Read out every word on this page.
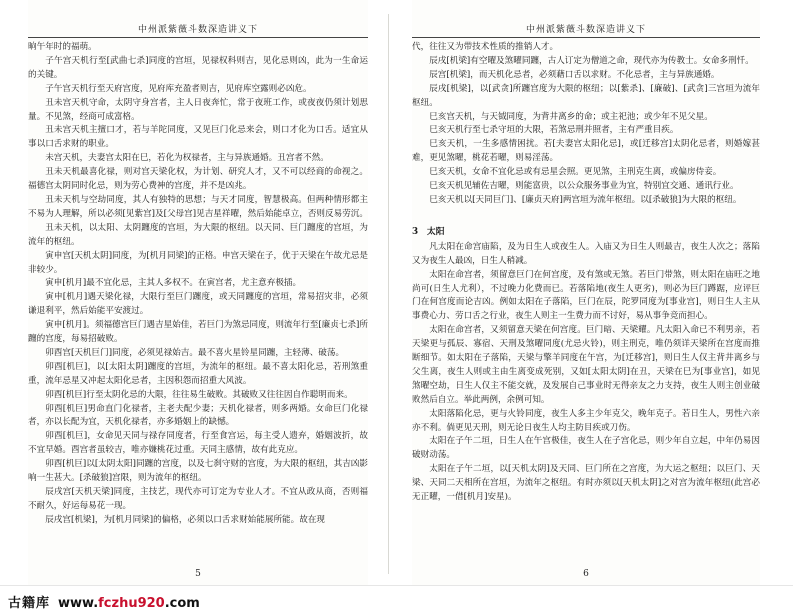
中州派紫薇斗数深造讲义下

晌午年时的福萌。

子午宫天机行至[武曲七杀]同度的宫垣，见禄权科则吉，见化忌则凶，此为一生命运的关键。

子午宫天机行至天府宫度，见府库充盈者则吉，见府库空露则必凶危。

丑未宫天机守命，太阴守身宫者，主人日夜奔忙，常于夜班工作，或夜夜仍须计划思量。不见煞，经商可成富格。

丑未宫天机主擅口才，若与羊陀同度，又见巨门化忌来会，则口才化为口舌。适宜从事以口舌求财的职业。

未宫天机，夫妻宫太阳在巳，若化为权禄者，主与异族通婚。丑宫者不然。

丑未天机最喜化禄，则对宫天梁化权，为计划、研究人才，又不可以经商的命视之。福德宫太阴同时化忌，则为劳心费神的宫度，并不是凶兆。

丑未天机与空劫同度，其人有独特的思想；与天才同度，智慧极高。但两种情形都主不易为人理解，所以必须[见紫宫]及[父母宫]见吉星祥曜，然后始能卓立，否则反易劳沉。

丑未天机，以太阳、太阴躔度的宫垣，为大限的枢纽。以天同、巨门躔度的宫垣，为流年的枢纽。

寅申宫[天机太阴]同度，为[机月同梁]的正格。申宫天梁在子，优于天梁在午故尤忌是非较少。

寅申[机月]最不宜化忌，主其人多权不。在寅宫者，尤主意弃极插。

寅申[机月]遇天梁化禄，大限行至巨门躔度，或天同躔度的宫垣，常易招灾非，必须谦退利平，然后始能平安渡过。

寅申[机月]。须福德宫巨门遇吉星始佳，若巨门为煞忌同度，则流年行至[廉贞七杀]所躔的宫度，每易招破败。

卯酉宫[天机巨门]同度，必须见禄始吉。最不喜火星铃星同躔，主轻薄、破荡。

卯酉[机巨]，以[太阳太阴]躔度的宫垣，为流年的枢纽。最不喜太阳化忌，若刑煞重重，流年忌星又冲起太阳化忌者，主因积怨而招重大风波。

卯酉[机巨]行至太阴化忌的大限，往往易生破败。其破败又往往因自作聪明而来。

卯酉[机巨]男命直门化禄者，主老夫配少妻；天机化禄者，则多两婚。女命巨门化禄者，亦以长配为宜，天机化禄者，亦多婚姻上的缺憾。

卯酉[机巨]，女命见天同与禄存同度者，行至食宫运，每主受人遗弃，婚姻波折，故不宜早婚。酉宫者虽较吉，唯亦嫌桃花过重。天同主感情，故有此克应。

卯酉[机巨]以[太阴太阳]同躔的宫度，以及七刹守财的宫度，为大限的枢纽，其吉凶影响一生甚大。[杀破狼]宫限，则为流年的枢纽。

辰戌宫[天机天梁]同度，主技艺，现代亦可订定为专业人才。不宜从政从商，否则福不耐久，好运每易花一现。

辰戌宫[机梁]，为[机月同梁]的偏格，必须以口舌求财始能展所能。故在现

5
中州派紫薇斗数深造讲义下

代，往往又为带技术性质的推销人才。

辰戌[机梁]有空曜及煞曜同躔，古人订定为僧道之命，现代亦为传教士。女命多刑忏。

辰宫[机梁]，而天机化忌者，必须藉口舌以求财。不化忌者，主与异族通婚。

辰戌[机梁]，以[武贪]所躔宫度为大限的枢纽；以[紫杀]、[廉破]、[武贪]三宫垣为流年枢纽。

巳亥宫天机，与天钺同度，为背井离乡的命；或主祀池；或少年不见父星。

巳亥天机行至七杀守垣的大限，若煞忌刑并照者，主有严重目疾。

巳亥天机，一生多感情困扰。若[夫妻宫太阳化忌]，或[迁移宫]太阴化忌者，则婚嫁甚难，更见煞曜，桃花若曜，则易淫荡。

巳亥天机，女命不宜化忌或有忌星会照。更见煞，主刑克生离，或偏房侍妾。

巳亥天机见辅佐吉曜，则能富贵，以公众服务事业为宜，特别宜交通、通讯行业。

巳亥天机以[天同巨门]、[廉贞天府]两宫垣为流年枢纽。以[杀破狼]为大限的枢纽。

3　太阳

凡太阳在命宫庙陷，及为日生人或夜生人。入庙又为日生人则最吉，夜生人次之；落陷又为夜生人最凶，日生人稍减。

太阳在命宫者，须留意巨门在何宫度，及有煞或无煞。若巨门带煞，则太阳在庙旺之地尚可(日生人尤利），不过晚力化费而已。若落陷地(夜生人更劣)，则必为巨门蹲踞，应评巨门在何宫度而论吉凶。例如太阳在子落陷，巨门在辰，陀罗同度为[事业宫]，则日生人主从事费心力、劳口舌之行业，夜生人则主一生费力而不讨好，易从事争竞而担心。

太阳在命宫者，又须留意天梁在何宫度。巨门暗、天梁耀。凡太阳入命已不利男亲，若天梁更与孤辰、寡宿、天刑及煞曜同度(尤忌火铃)，则主刑克，唯仍须详天梁所在宫度而推断细节。如太阳在子落陷，天梁与擎羊同度在午宫，为[迁移宫]，则日生人仅主背井离乡与父生离，夜生人则或主由生离变成死别，又如[太阳太阴]在丑，天梁在巳为[事业宫]，如见煞曜空劫，日生人仅主不能交就，及发展自己事业时无得亲友之力支持，夜生人则主创业破败然后自立。举此两例，余例可知。

太阳落陷化忌，更与火铃同度，夜生人多主少年克父，晚年克子。若日生人，男性六亲亦不利。倘更见天刑，则无论日夜生人均主防目疾或刀伤。

太阳在子午二垣，日生人在午宫极佳，夜生人在子宫化忌，则少年自立起，中年仍易因破财动荡。

太阳在子午二垣，以[天机太阴]及天同、巨门所在之宫度，为大运之枢纽；以巨门、天梁、天同二天相所在宫垣，为流年之枢纽。有时亦须以[天机太阴]之对宫为流年枢纽(此宫必无正曜，一借[机月]安星)。

6
古籍库 www.fczhu920.com
